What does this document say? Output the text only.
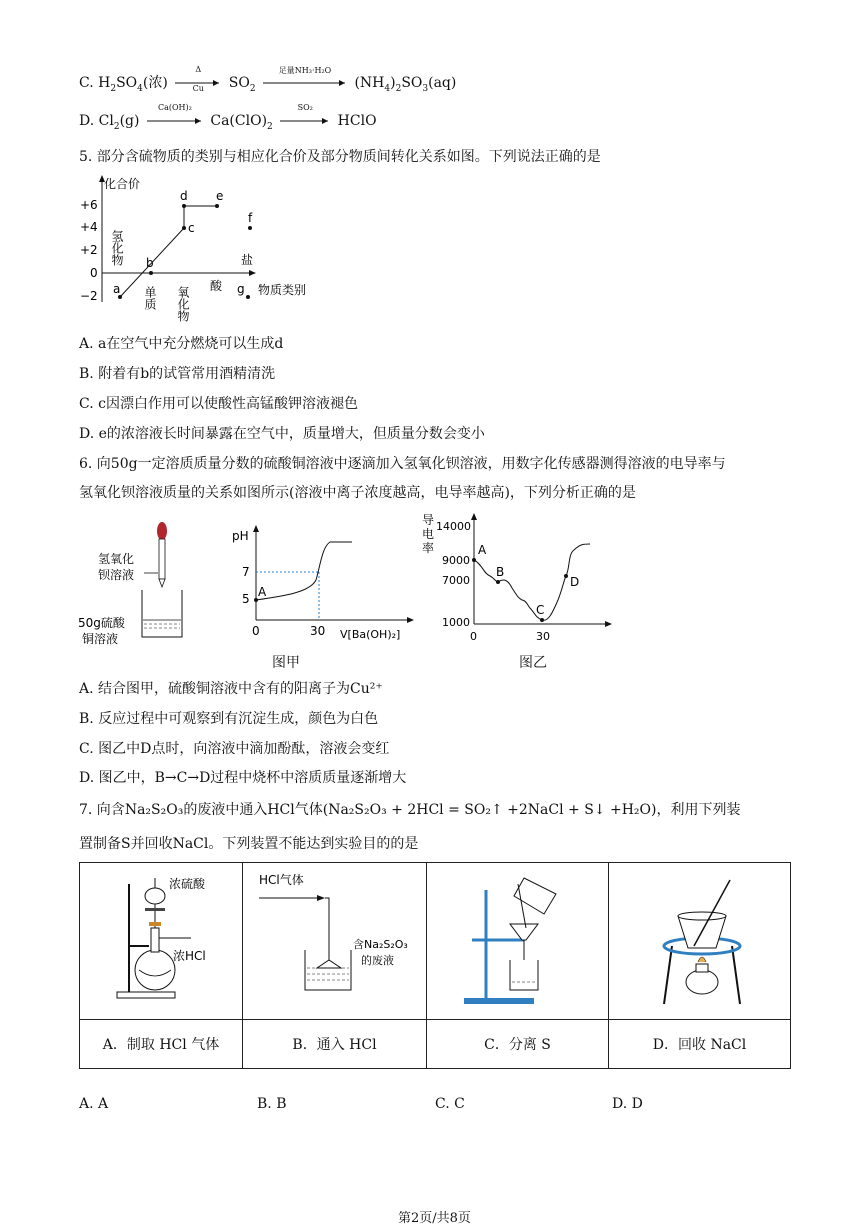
C. $H_2SO_4$(浓)
Δ
Cu	$SO_2$
足量NH₃·H₂O
$(NH_4)_2SO_3(aq)$
D. $Cl_2(g)$
Ca(OH)₂
$Ca(ClO)_2$
SO₂
HClO
5. 部分含硫物质的类别与相应化合价及部分物质间转化关系如图。下列说法正确的是
化合价
物质类别
+6
+4
+2
0
−2
氢化物
单质 氧化物 酸
盐
a
b
c
d e
f
g
A. a在空气中充分燃烧可以生成d
B. 附着有b的试管常用酒精清洗
C. c因漂白作用可以使酸性高锰酸钾溶液褪色
D. e的浓溶液长时间暴露在空气中，质量增大，但质量分数会变小
6. 向50g一定溶质质量分数的硫酸铜溶液中逐滴加入氢氧化钡溶液，用数字化传感器测得溶液的电导率与
氢氧化钡溶液质量的关系如图所示(溶液中离子浓度越高，电导率越高)，下列分析正确的是
氢氧化
钡溶液
50g硫酸
铜溶液
pH
7
5
0	30 V[Ba(OH)₂]
A
图甲
导
电
率
14000
9000
7000
1000
0	30
A
B
C
D
图乙
A. 结合图甲，硫酸铜溶液中含有的阳离子为Cu²⁺
B. 反应过程中可观察到有沉淀生成，颜色为白色
C. 图乙中D点时，向溶液中滴加酚酞，溶液会变红
D. 图乙中，B→C→D过程中烧杯中溶质质量逐渐增大
7. 向含Na₂S₂O₃的废液中通入HCl气体(Na₂S₂O₃ + 2HCl = SO₂↑ +2NaCl + S↓ +H₂O)，利用下列装
置制备S并回收NaCl。下列装置不能达到实验目的的是
浓硫酸
浓HCl	HCl气体
含Na₂S₂O₃
的废液

A．制取 HCl 气体	B．通入 HCl	C．分离 S	D．回收 NaCl
A. A	B. B	C. C	D. D
第2页/共8页
